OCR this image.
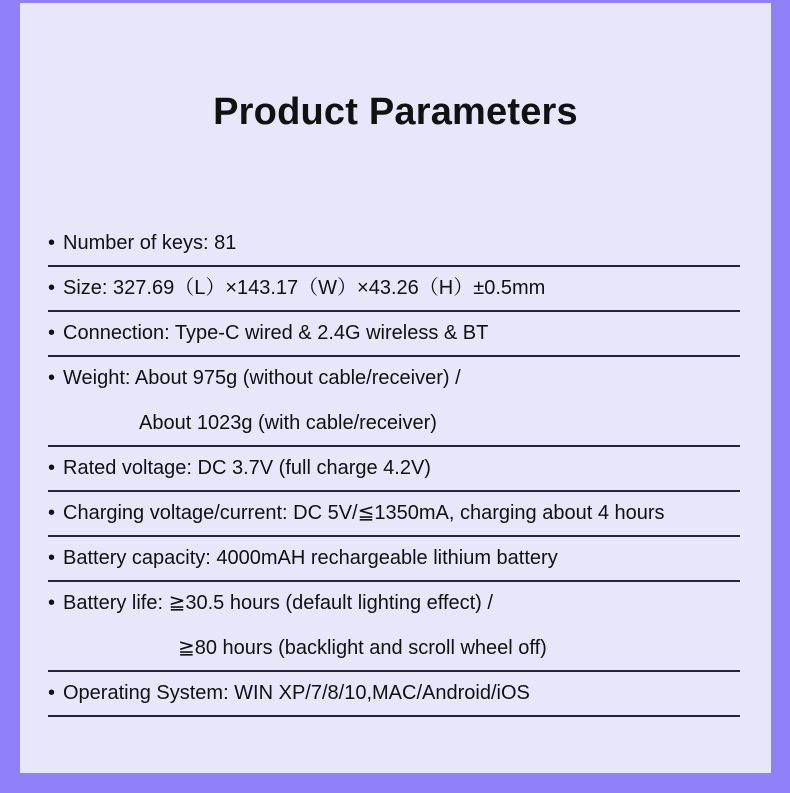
Product Parameters
• Number of keys: 81
• Size: 327.69（L）×143.17（W）×43.26（H）±0.5mm
• Connection: Type-C wired & 2.4G wireless & BT
• Weight: About 975g (without cable/receiver) /
About 1023g (with cable/receiver)
• Rated voltage: DC 3.7V (full charge 4.2V)
• Charging voltage/current: DC 5V/≦1350mA, charging about 4 hours
• Battery capacity: 4000mAH rechargeable lithium battery
• Battery life: ≧30.5 hours (default lighting effect) /
≧80 hours (backlight and scroll wheel off)
• Operating System: WIN XP/7/8/10,MAC/Android/iOS
